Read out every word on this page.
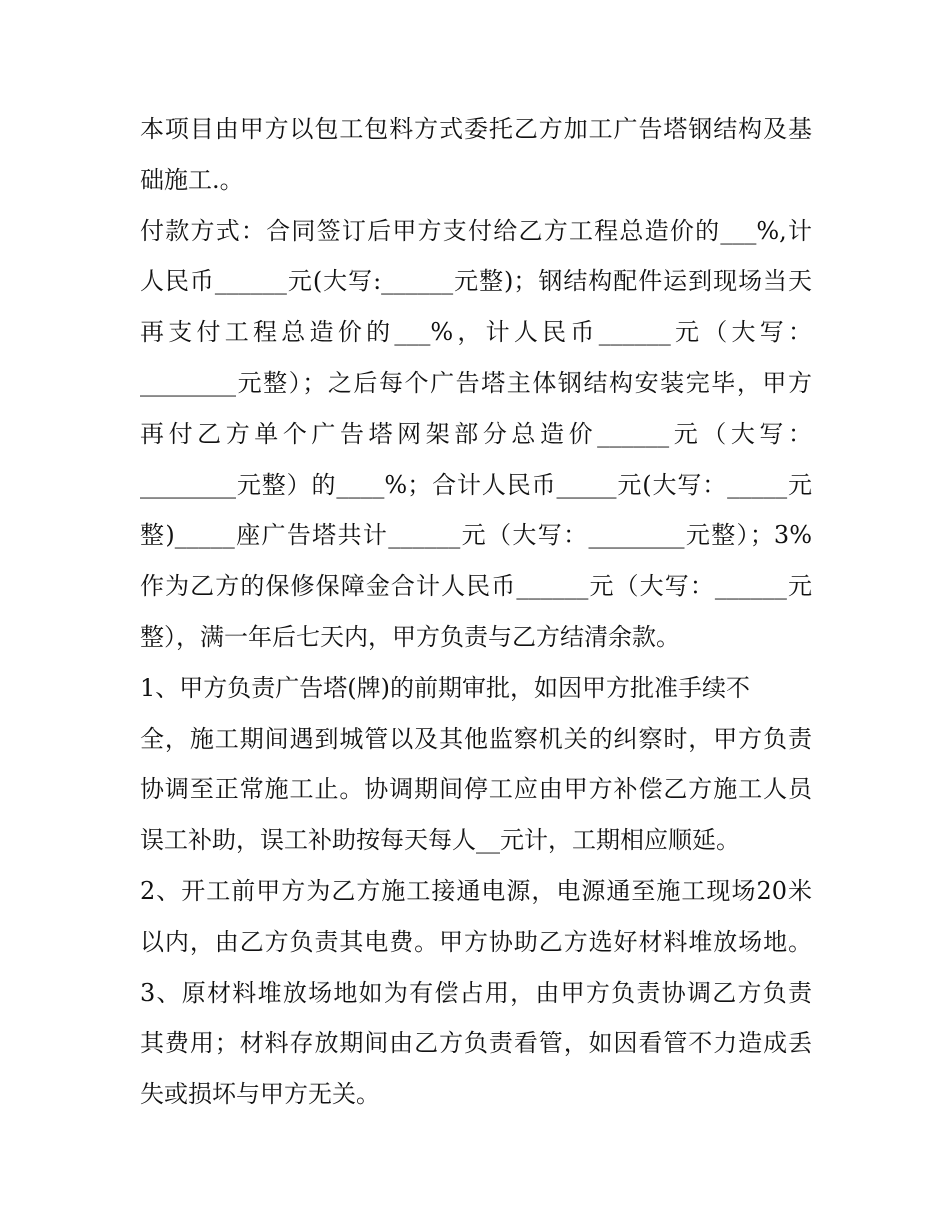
本项目由甲方以包工包料方式委托乙方加工广告塔钢结构及基
础施工.。
付款方式：合同签订后甲方支付给乙方工程总造价的___%,计
人民币______元(大写:______元整)；钢结构配件运到现场当天
再支付工程总造价的___%，计人民币______元（大写：
________元整）；之后每个广告塔主体钢结构安装完毕，甲方
再付乙方单个广告塔网架部分总造价______元（大写：
________元整）的____%；合计人民币_____元(大写：_____元
整)_____座广告塔共计______元（大写：________元整）；3%
作为乙方的保修保障金合计人民币______元（大写：______元
整），满一年后七天内，甲方负责与乙方结清余款。
1、甲方负责广告塔(牌)的前期审批，如因甲方批准手续不
全，施工期间遇到城管以及其他监察机关的纠察时，甲方负责
协调至正常施工止。协调期间停工应由甲方补偿乙方施工人员
误工补助，误工补助按每天每人__元计，工期相应顺延。
2、开工前甲方为乙方施工接通电源，电源通至施工现场20米
以内，由乙方负责其电费。甲方协助乙方选好材料堆放场地。
3、原材料堆放场地如为有偿占用，由甲方负责协调乙方负责
其费用；材料存放期间由乙方负责看管，如因看管不力造成丢
失或损坏与甲方无关。
